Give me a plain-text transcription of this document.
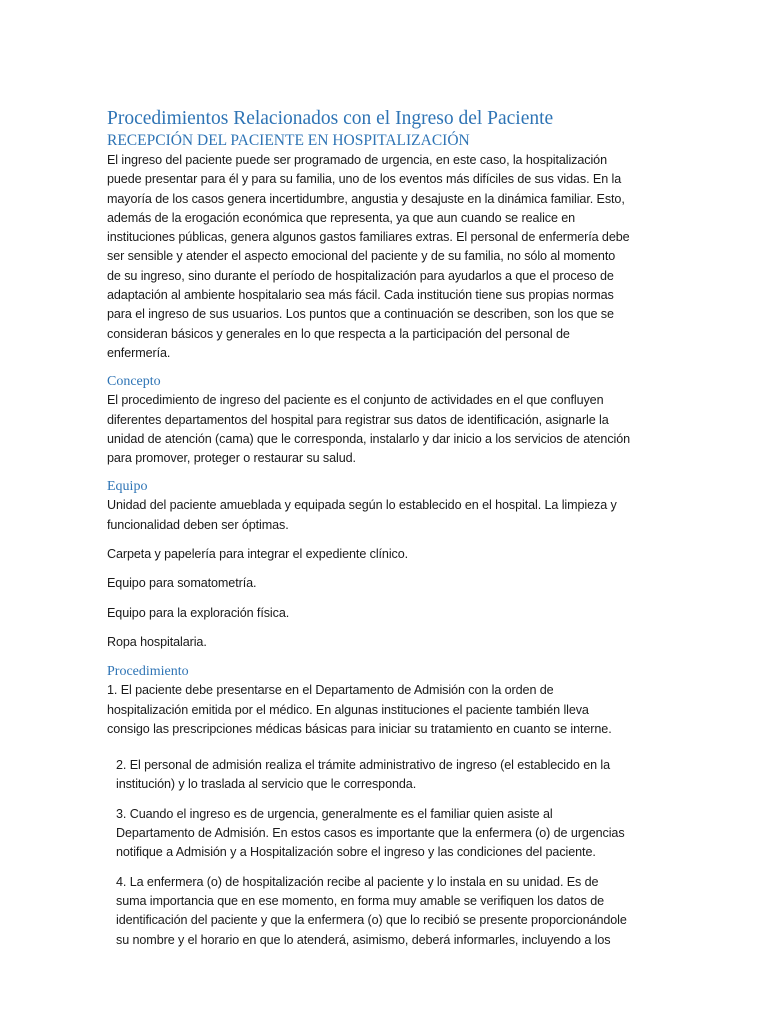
Procedimientos Relacionados con el Ingreso del Paciente
RECEPCIÓN DEL PACIENTE EN HOSPITALIZACIÓN

El ingreso del paciente puede ser programado de urgencia, en este caso, la hospitalización puede presentar para él y para su familia, uno de los eventos más difíciles de sus vidas. En la mayoría de los casos genera incertidumbre, angustia y desajuste en la dinámica familiar. Esto, además de la erogación económica que representa, ya que aun cuando se realice en instituciones públicas, genera algunos gastos familiares extras. El personal de enfermería debe ser sensible y atender el aspecto emocional del paciente y de su familia, no sólo al momento de su ingreso, sino durante el período de hospitalización para ayudarlos a que el proceso de adaptación al ambiente hospitalario sea más fácil. Cada institución tiene sus propias normas para el ingreso de sus usuarios. Los puntos que a continuación se describen, son los que se consideran básicos y generales en lo que respecta a la participación del personal de enfermería.

Concepto

El procedimiento de ingreso del paciente es el conjunto de actividades en el que confluyen diferentes departamentos del hospital para registrar sus datos de identificación, asignarle la unidad de atención (cama) que le corresponda, instalarlo y dar inicio a los servicios de atención para promover, proteger o restaurar su salud.

Equipo

Unidad del paciente amueblada y equipada según lo establecido en el hospital. La limpieza y funcionalidad deben ser óptimas.

Carpeta y papelería para integrar el expediente clínico.

Equipo para somatometría.

Equipo para la exploración física.

Ropa hospitalaria.

Procedimiento

1. El paciente debe presentarse en el Departamento de Admisión con la orden de hospitalización emitida por el médico. En algunas instituciones el paciente también lleva consigo las prescripciones médicas básicas para iniciar su tratamiento en cuanto se interne.

2. El personal de admisión realiza el trámite administrativo de ingreso (el establecido en la institución) y lo traslada al servicio que le corresponda.

3. Cuando el ingreso es de urgencia, generalmente es el familiar quien asiste al Departamento de Admisión. En estos casos es importante que la enfermera (o) de urgencias notifique a Admisión y a Hospitalización sobre el ingreso y las condiciones del paciente.

4. La enfermera (o) de hospitalización recibe al paciente y lo instala en su unidad. Es de suma importancia que en ese momento, en forma muy amable se verifiquen los datos de identificación del paciente y que la enfermera (o) que lo recibió se presente proporcionándole su nombre y el horario en que lo atenderá, asimismo, deberá informarles, incluyendo a los
